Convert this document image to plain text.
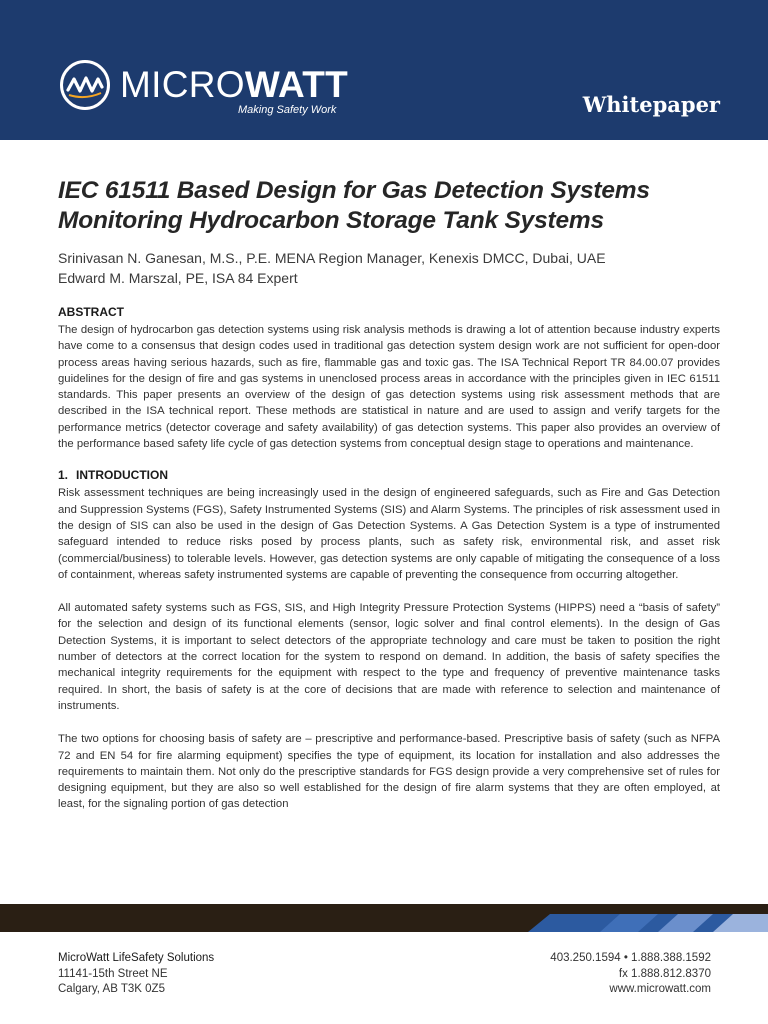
MICROWATT
Making Safety Work	Whitepaper
IEC 61511 Based Design for Gas Detection Systems
Monitoring Hydrocarbon Storage Tank Systems
Srinivasan N. Ganesan, M.S., P.E. MENA Region Manager, Kenexis DMCC, Dubai, UAE
Edward M. Marszal, PE, ISA 84 Expert
ABSTRACT

The design of hydrocarbon gas detection systems using risk analysis methods is drawing a lot of attention because industry experts have come to a consensus that design codes used in traditional gas detection system design work are not sufficient for open-door process areas having serious hazards, such as fire, flammable gas and toxic gas. The ISA Technical Report TR 84.00.07 provides guidelines for the design of fire and gas systems in unenclosed process areas in accordance with the principles given in IEC 61511 standards. This paper presents an overview of the design of gas detection systems using risk assessment methods that are described in the ISA technical report. These methods are statistical in nature and are used to assign and verify targets for the performance metrics (detector coverage and safety availability) of gas detection systems. This paper also provides an overview of the performance based safety life cycle of gas detection systems from conceptual design stage to operations and maintenance.

1. INTRODUCTION

Risk assessment techniques are being increasingly used in the design of engineered safeguards, such as Fire and Gas Detection and Suppression Systems (FGS), Safety Instrumented Systems (SIS) and Alarm Systems. The principles of risk assessment used in the design of SIS can also be used in the design of Gas Detection Systems. A Gas Detection System is a type of instrumented safeguard intended to reduce risks posed by process plants, such as safety risk, environmental risk, and asset risk (commercial/business) to tolerable levels. However, gas detection systems are only capable of mitigating the consequence of a loss of containment, whereas safety instrumented systems are capable of preventing the consequence from occurring altogether.

All automated safety systems such as FGS, SIS, and High Integrity Pressure Protection Systems (HIPPS) need a “basis of safety” for the selection and design of its functional elements (sensor, logic solver and final control elements). In the design of Gas Detection Systems, it is important to select detectors of the appropriate technology and care must be taken to position the right number of detectors at the correct location for the system to respond on demand. In addition, the basis of safety specifies the mechanical integrity requirements for the equipment with respect to the type and frequency of preventive maintenance tasks required. In short, the basis of safety is at the core of decisions that are made with reference to selection and maintenance of instruments.

The two options for choosing basis of safety are – prescriptive and performance-based. Prescriptive basis of safety (such as NFPA 72 and EN 54 for fire alarming equipment) specifies the type of equipment, its location for installation and also addresses the requirements to maintain them. Not only do the prescriptive standards for FGS design provide a very comprehensive set of rules for designing equipment, but they are also so well established for the design of fire alarm systems that they are often employed, at least, for the signaling portion of gas detection

MicroWatt LifeSafety Solutions
11141-15th Street NE
Calgary, AB T3K 0Z5
403.250.1594 • 1.888.388.1592
fx 1.888.812.8370
www.microwatt.com
